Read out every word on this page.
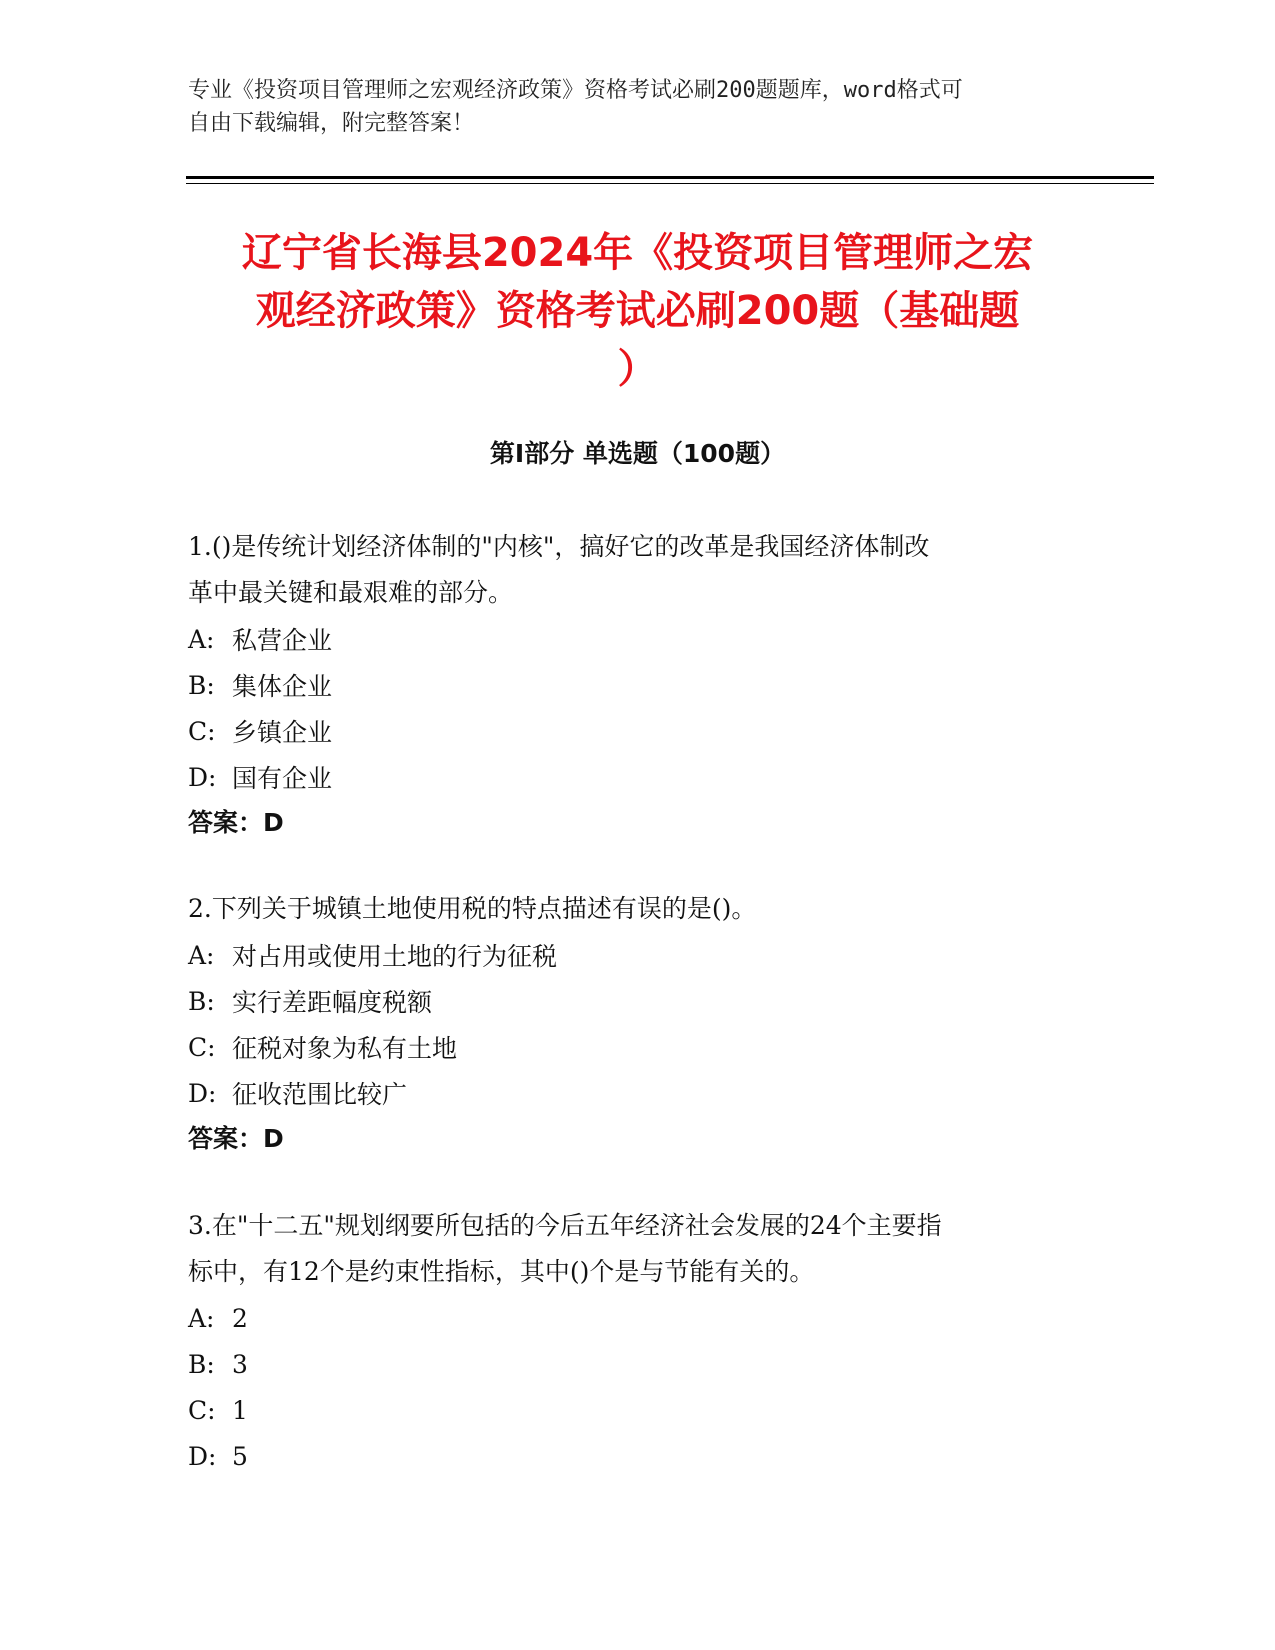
专业《投资项目管理师之宏观经济政策》资格考试必刷200题题库，word格式可
自由下载编辑，附完整答案！
辽宁省长海县2024年《投资项目管理师之宏
观经济政策》资格考试必刷200题（基础题
）
第I部分 单选题（100题）
1.()是传统计划经济体制的"内核"，搞好它的改革是我国经济体制改
革中最关键和最艰难的部分。
A: 私营企业
B: 集体企业
C: 乡镇企业
D: 国有企业
答案：D
2.下列关于城镇土地使用税的特点描述有误的是()。
A: 对占用或使用土地的行为征税
B: 实行差距幅度税额
C: 征税对象为私有土地
D: 征收范围比较广
答案：D
3.在"十二五"规划纲要所包括的今后五年经济社会发展的24个主要指
标中，有12个是约束性指标，其中()个是与节能有关的。
A: 2
B: 3
C: 1
D: 5
